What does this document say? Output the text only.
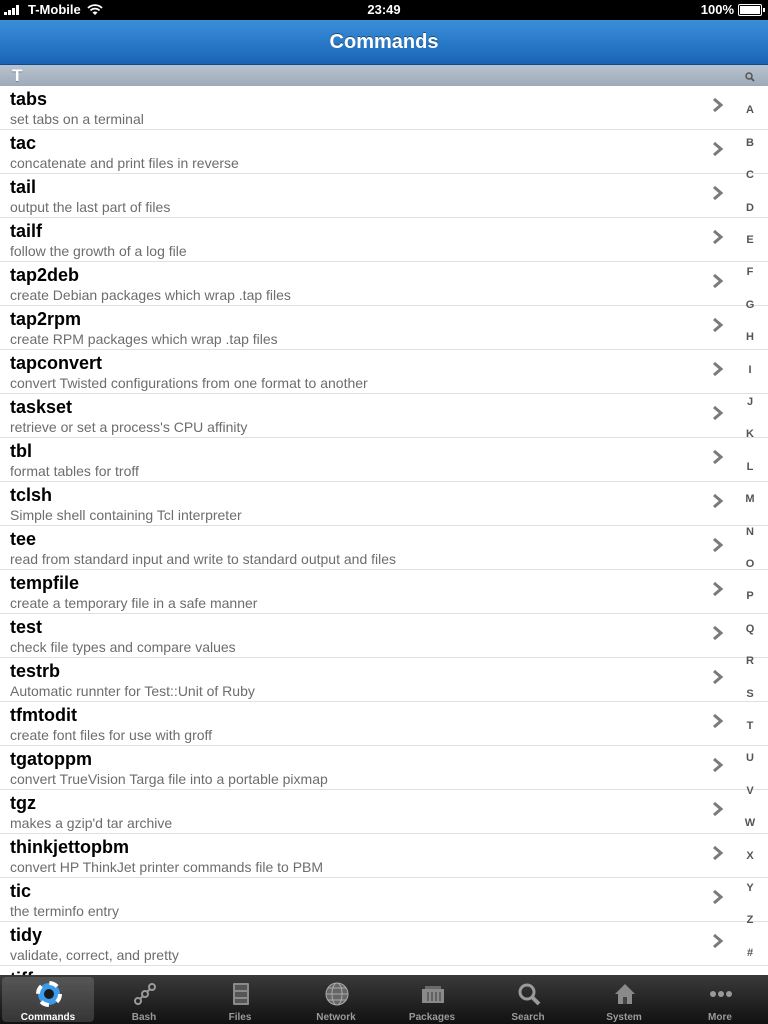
T-Mobile	23:49	100%
Commands
T
tabs
set tabs on a terminal
tac
concatenate and print files in reverse
tail
output the last part of files
tailf
follow the growth of a log file
tap2deb
create Debian packages which wrap .tap files
tap2rpm
create RPM packages which wrap .tap files
tapconvert
convert Twisted configurations from one format to another
taskset
retrieve or set a process's CPU affinity
tbl
format tables for troff
tclsh
Simple shell containing Tcl interpreter
tee
read from standard input and write to standard output and files
tempfile
create a temporary file in a safe manner
test
check file types and compare values
testrb
Automatic runnter for Test::Unit of Ruby
tfmtodit
create font files for use with groff
tgatoppm
convert TrueVision Targa file into a portable pixmap
tgz
makes a gzip'd tar archive
thinkjettopbm
convert HP ThinkJet printer commands file to PBM
tic
the terminfo entry
tidy
validate, correct, and pretty
A
B
C
D
E
F
G
H
I
J
K
L
M
N
O
P
Q
R
S
T
U
V
W
X
Y
Z
#
Commands	Bash	Files	Network	Packages	Search	System	More
